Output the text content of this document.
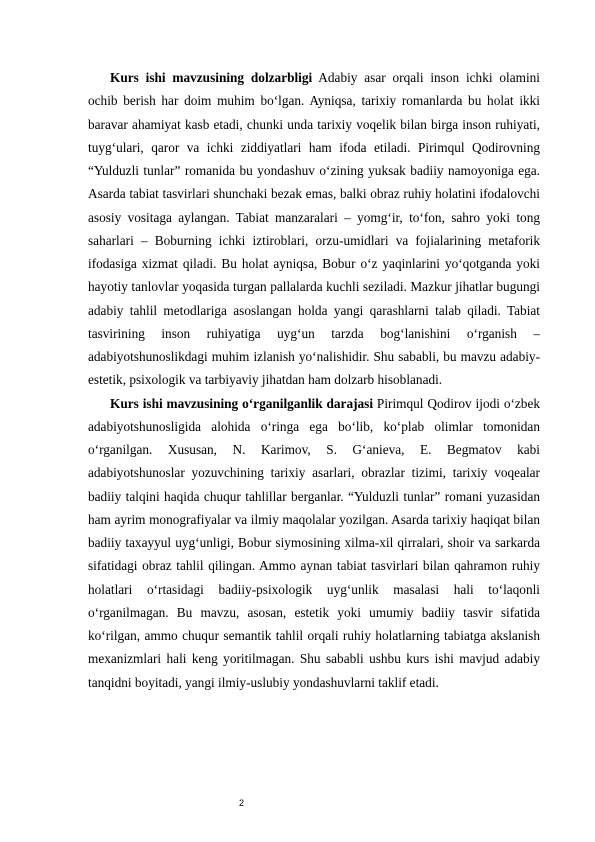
Kurs ishi mavzusining dolzarbligi Adabiy asar orqali inson ichki olamini ochib berish har doim muhim bo‘lgan. Ayniqsa, tarixiy romanlarda bu holat ikki baravar ahamiyat kasb etadi, chunki unda tarixiy voqelik bilan birga inson ruhiyati, tuyg‘ulari, qaror va ichki ziddiyatlari ham ifoda etiladi. Pirimqul Qodirovning “Yulduzli tunlar” romanida bu yondashuv o‘zining yuksak badiiy namoyoniga ega. Asarda tabiat tasvirlari shunchaki bezak emas, balki obraz ruhiy holatini ifodalovchi asosiy vositaga aylangan. Tabiat manzaralari – yomg‘ir, to‘fon, sahro yoki tong saharlari – Boburning ichki iztiroblari, orzu-umidlari va fojialarining metaforik ifodasiga xizmat qiladi. Bu holat ayniqsa, Bobur o‘z yaqinlarini yo‘qotganda yoki hayotiy tanlovlar yoqasida turgan pallalarda kuchli seziladi. Mazkur jihatlar bugungi adabiy tahlil metodlariga asoslangan holda yangi qarashlarni talab qiladi. Tabiat tasvirining inson ruhiyatiga uyg‘un tarzda bog‘lanishini o‘rganish – adabiyotshunoslikdagi muhim izlanish yo‘nalishidir. Shu sababli, bu mavzu adabiy-estetik, psixologik va tarbiyaviy jihatdan ham dolzarb hisoblanadi.

Kurs ishi mavzusining o‘rganilganlik darajasi Pirimqul Qodirov ijodi o‘zbek adabiyotshunosligida alohida o‘ringa ega bo‘lib, ko‘plab olimlar tomonidan o‘rganilgan. Xususan, N. Karimov, S. G‘anieva, E. Begmatov kabi adabiyotshunoslar yozuvchining tarixiy asarlari, obrazlar tizimi, tarixiy voqealar badiiy talqini haqida chuqur tahlillar berganlar. “Yulduzli tunlar” romani yuzasidan ham ayrim monografiyalar va ilmiy maqolalar yozilgan. Asarda tarixiy haqiqat bilan badiiy taxayyul uyg‘unligi, Bobur siymosining xilma-xil qirralari, shoir va sarkarda sifatidagi obraz tahlil qilingan. Ammo aynan tabiat tasvirlari bilan qahramon ruhiy holatlari o‘rtasidagi badiiy-psixologik uyg‘unlik masalasi hali to‘laqonli o‘rganilmagan. Bu mavzu, asosan, estetik yoki umumiy badiiy tasvir sifatida ko‘rilgan, ammo chuqur semantik tahlil orqali ruhiy holatlarning tabiatga akslanish mexanizmlari hali keng yoritilmagan. Shu sababli ushbu kurs ishi mavjud adabiy tanqidni boyitadi, yangi ilmiy-uslubiy yondashuvlarni taklif etadi.

2
